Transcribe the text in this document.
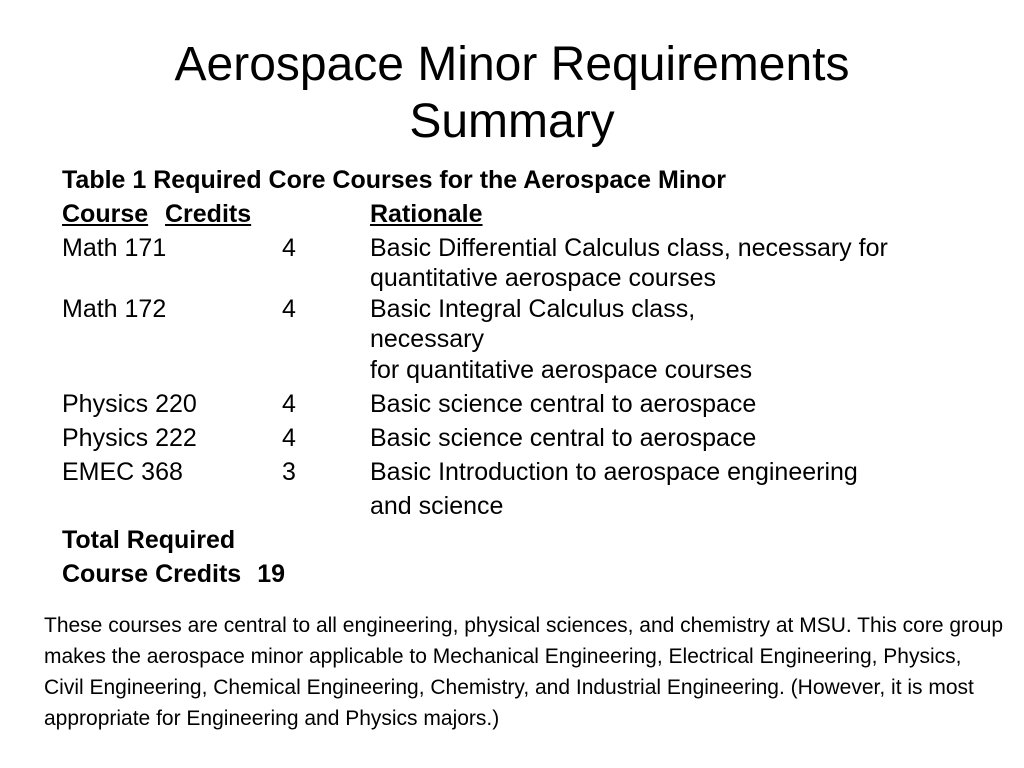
Aerospace Minor Requirements
Summary
Table 1 Required Core Courses for the Aerospace Minor
Course Credits	Rationale
Math 171	4	Basic Differential Calculus class, necessary for
quantitative aerospace courses
Math 172	4	Basic Integral Calculus class,
necessary
for quantitative aerospace courses
Physics 220	4	Basic science central to aerospace
Physics 222	4	Basic science central to aerospace
EMEC 368	3	Basic Introduction to aerospace engineering
and science
Total Required
Course Credits 19
These courses are central to all engineering, physical sciences, and chemistry at MSU. This core group makes the aerospace minor applicable to Mechanical Engineering, Electrical Engineering, Physics, Civil Engineering, Chemical Engineering, Chemistry, and Industrial Engineering. (However, it is most appropriate for Engineering and Physics majors.)
